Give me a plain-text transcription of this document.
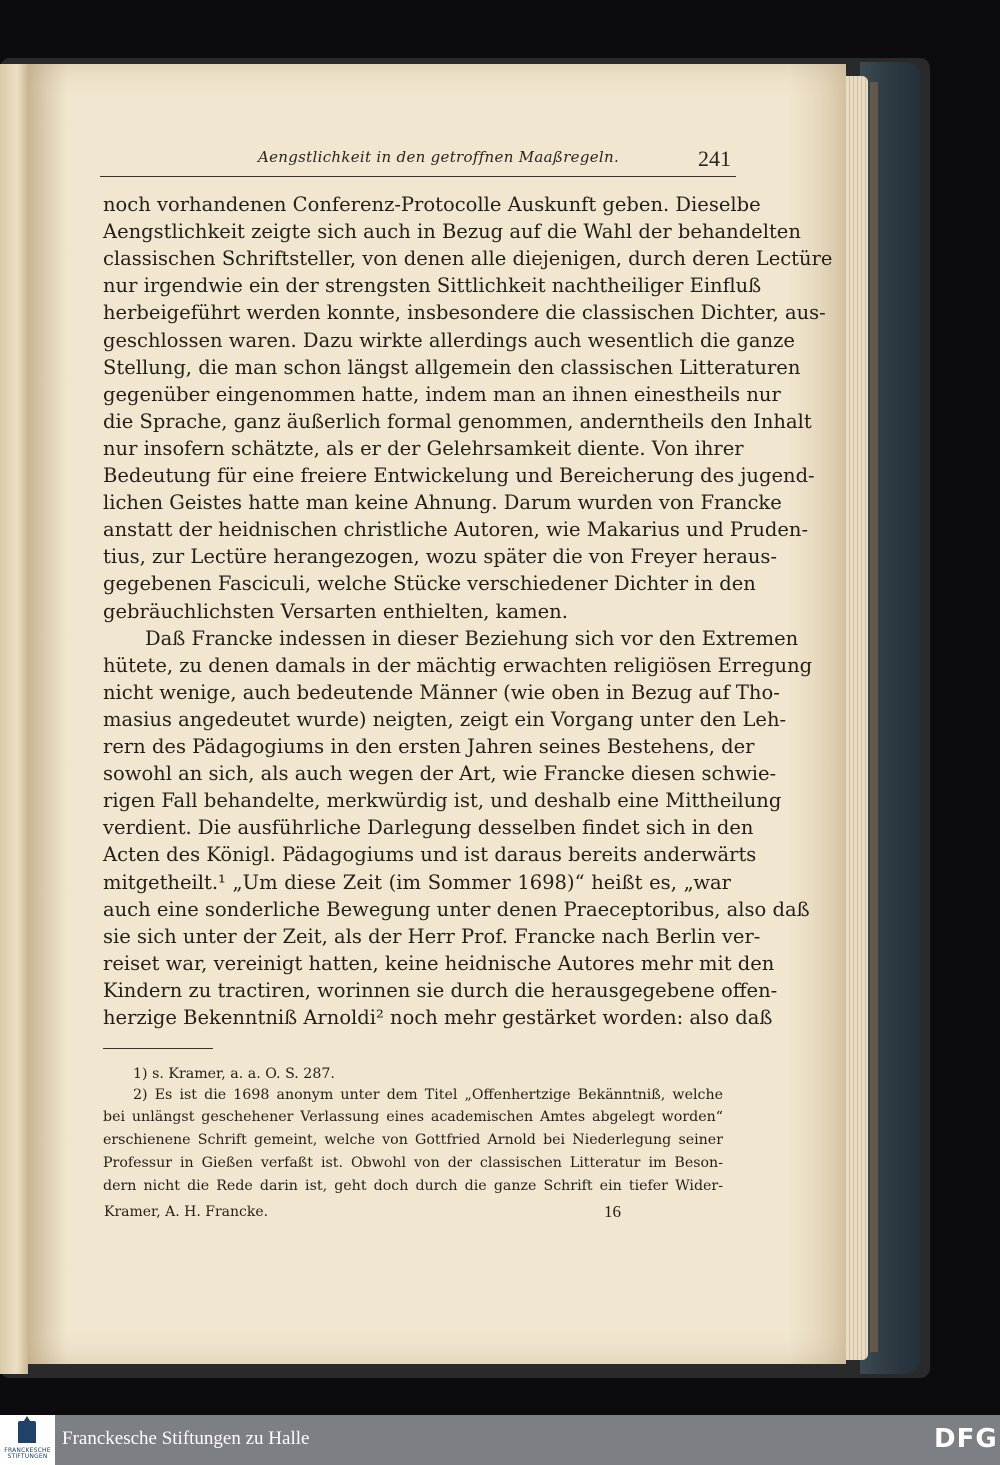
Aengstlichkeit in den getroffnen Maaßregeln.	241
noch vorhandenen Conferenz-Protocolle Auskunft geben. Dieselbe
Aengstlichkeit zeigte sich auch in Bezug auf die Wahl der behandelten
classischen Schriftsteller, von denen alle diejenigen, durch deren Lectüre
nur irgendwie ein der strengsten Sittlichkeit nachtheiliger Einfluß
herbeigeführt werden konnte, insbesondere die classischen Dichter, aus-
geschlossen waren. Dazu wirkte allerdings auch wesentlich die ganze
Stellung, die man schon längst allgemein den classischen Litteraturen
gegenüber eingenommen hatte, indem man an ihnen einestheils nur
die Sprache, ganz äußerlich formal genommen, anderntheils den Inhalt
nur insofern schätzte, als er der Gelehrsamkeit diente. Von ihrer
Bedeutung für eine freiere Entwickelung und Bereicherung des jugend-
lichen Geistes hatte man keine Ahnung. Darum wurden von Francke
anstatt der heidnischen christliche Autoren, wie Makarius und Pruden-
tius, zur Lectüre herangezogen, wozu später die von Freyer heraus-
gegebenen Fasciculi, welche Stücke verschiedener Dichter in den
gebräuchlichsten Versarten enthielten, kamen.
Daß Francke indessen in dieser Beziehung sich vor den Extremen
hütete, zu denen damals in der mächtig erwachten religiösen Erregung
nicht wenige, auch bedeutende Männer (wie oben in Bezug auf Tho-
masius angedeutet wurde) neigten, zeigt ein Vorgang unter den Leh-
rern des Pädagogiums in den ersten Jahren seines Bestehens, der
sowohl an sich, als auch wegen der Art, wie Francke diesen schwie-
rigen Fall behandelte, merkwürdig ist, und deshalb eine Mittheilung
verdient. Die ausführliche Darlegung desselben findet sich in den
Acten des Königl. Pädagogiums und ist daraus bereits anderwärts
mitgetheilt.¹ „Um diese Zeit (im Sommer 1698)“ heißt es, „war
auch eine sonderliche Bewegung unter denen Praeceptoribus, also daß
sie sich unter der Zeit, als der Herr Prof. Francke nach Berlin ver-
reiset war, vereinigt hatten, keine heidnische Autores mehr mit den
Kindern zu tractiren, worinnen sie durch die herausgegebene offen-
herzige Bekenntniß Arnoldi² noch mehr gestärket worden: also daß
1) s. Kramer, a. a. O. S. 287.
2) Es ist die 1698 anonym unter dem Titel „Offenhertzige Bekänntniß, welche
bei unlängst geschehener Verlassung eines academischen Amtes abgelegt worden“
erschienene Schrift gemeint, welche von Gottfried Arnold bei Niederlegung seiner
Professur in Gießen verfaßt ist. Obwohl von der classischen Litteratur im Beson-
dern nicht die Rede darin ist, geht doch durch die ganze Schrift ein tiefer Wider-
Kramer, A. H. Francke.	16
FRANCKESCHE
STIFTUNGEN
Franckesche Stiftungen zu Halle	DFG
